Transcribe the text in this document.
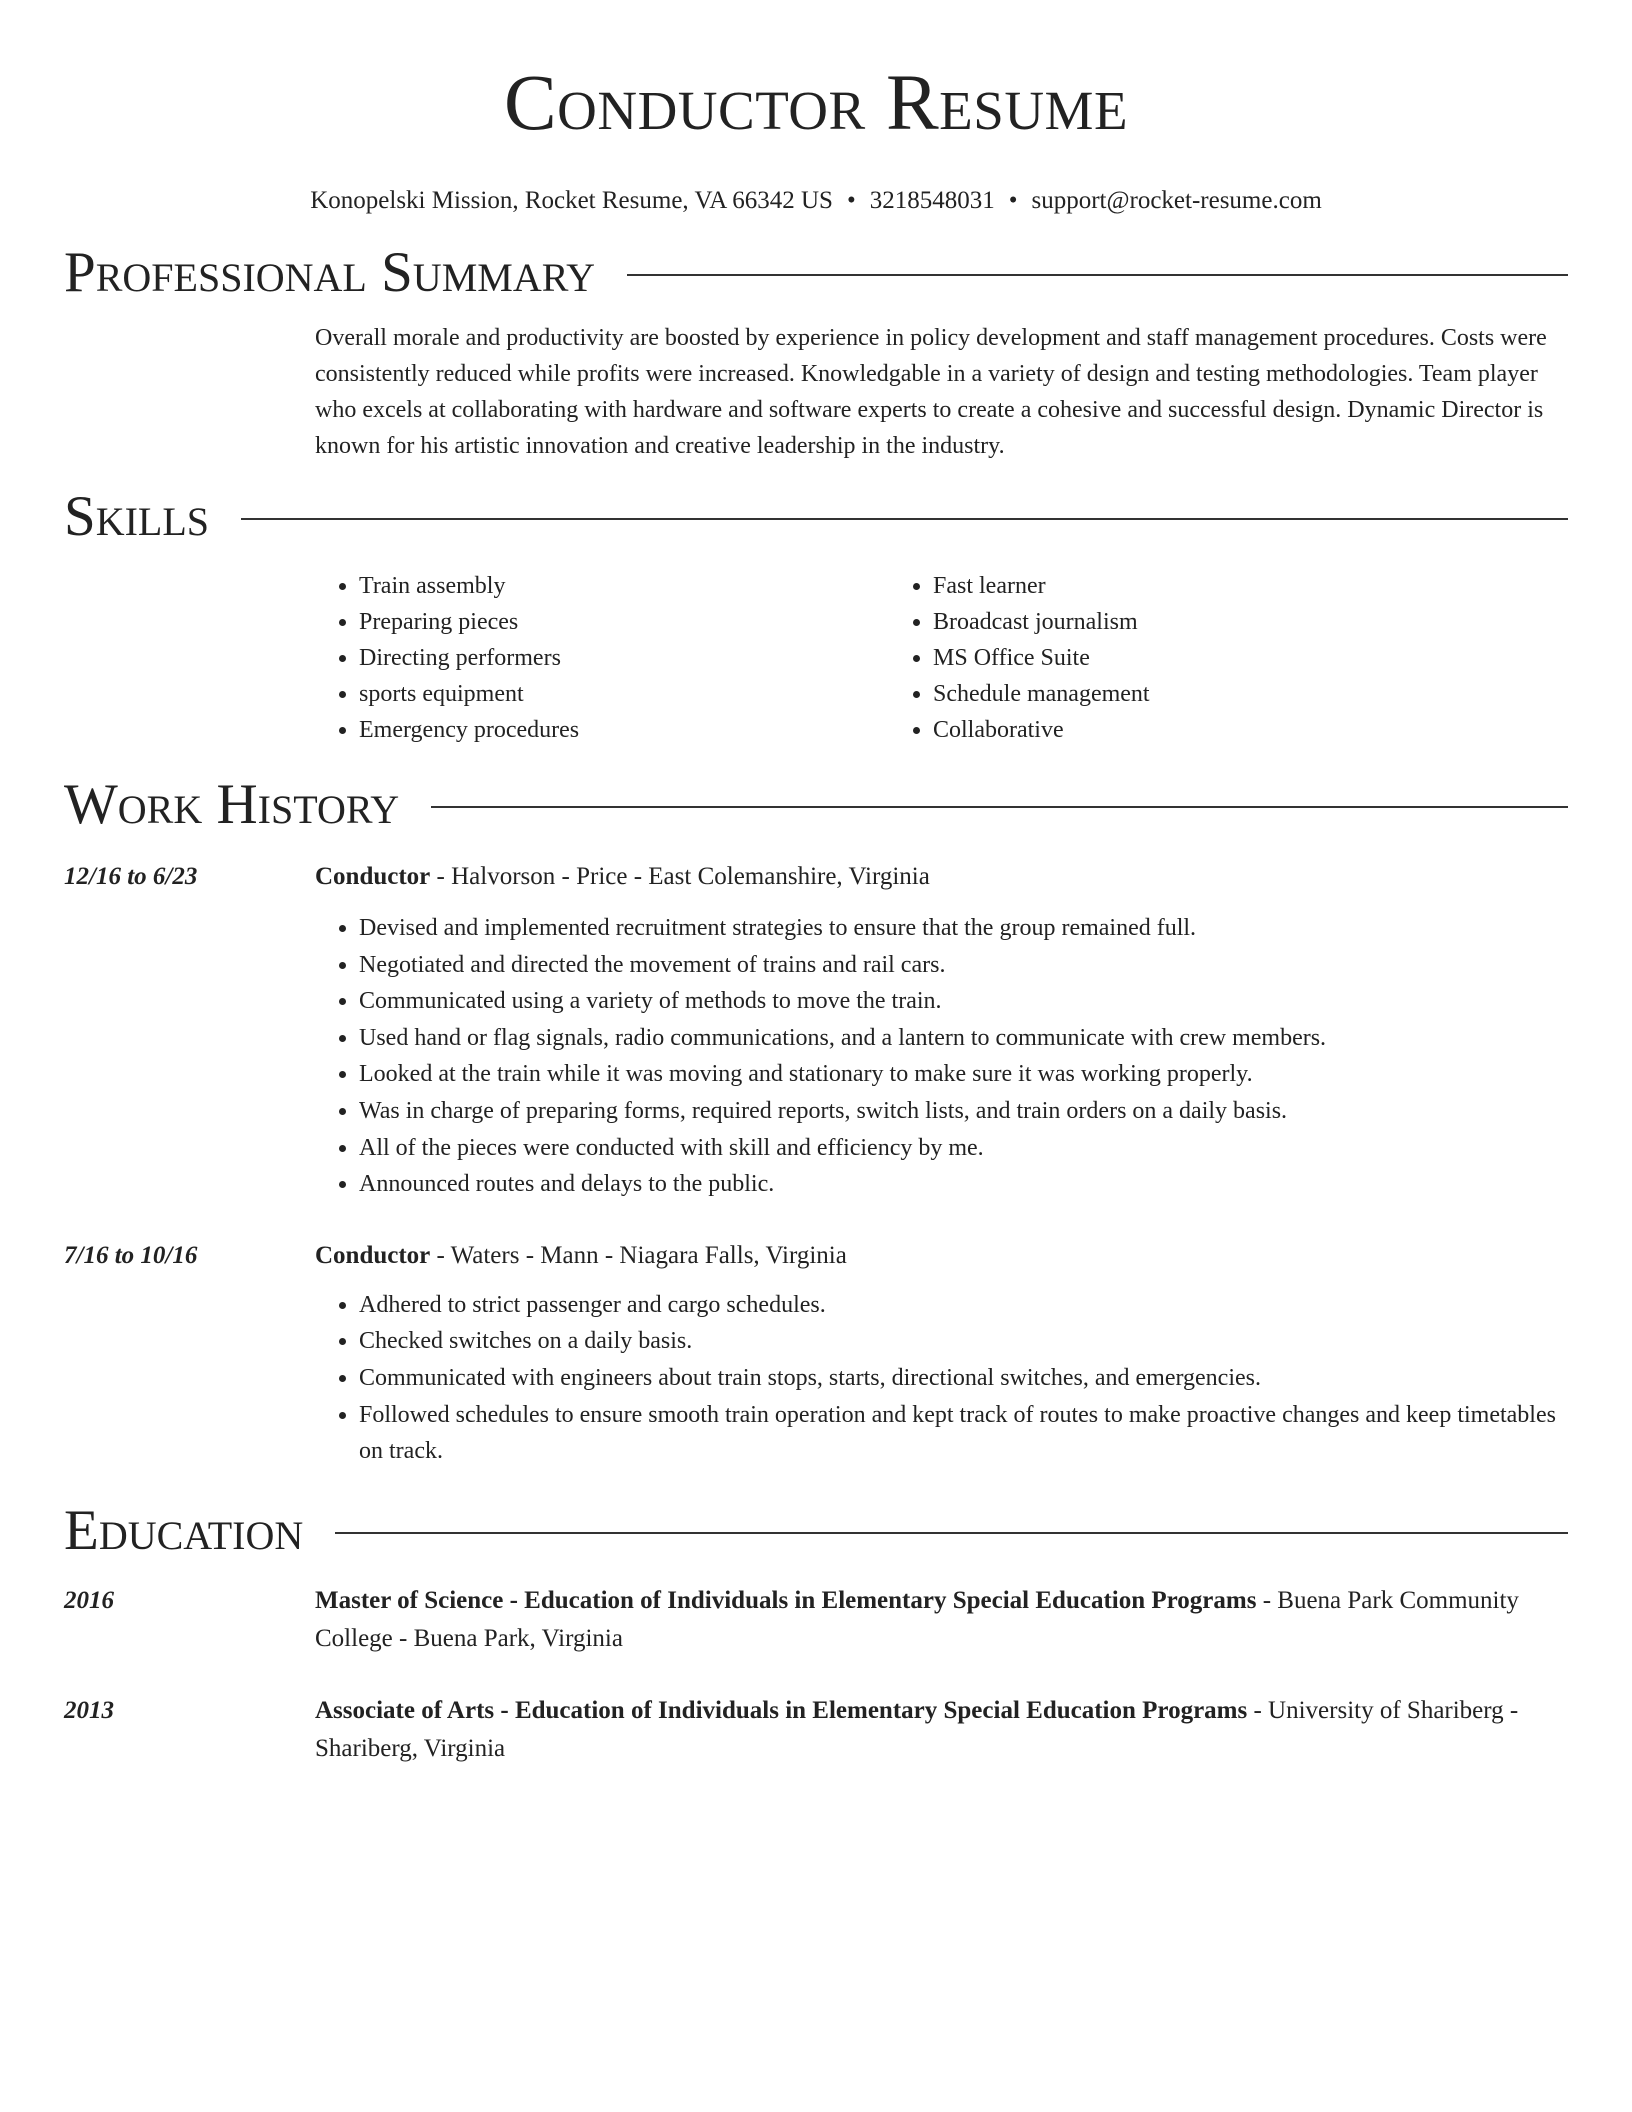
Conductor Resume
Konopelski Mission, Rocket Resume, VA 66342 US • 3218548031 • support@rocket-resume.com
Professional Summary

Overall morale and productivity are boosted by experience in policy development and staff management procedures. Costs were consistently reduced while profits were increased. Knowledgable in a variety of design and testing methodologies. Team player who excels at collaborating with hardware and software experts to create a cohesive and successful design. Dynamic Director is known for his artistic innovation and creative leadership in the industry.

Skills
• Train assembly
• Preparing pieces
• Directing performers
• sports equipment
• Emergency procedures
• Fast learner
• Broadcast journalism
• MS Office Suite
• Schedule management
• Collaborative
Work History
12/16 to 6/23	Conductor - Halvorson - Price - East Colemanshire, Virginia
• Devised and implemented recruitment strategies to ensure that the group remained full.
• Negotiated and directed the movement of trains and rail cars.
• Communicated using a variety of methods to move the train.
• Used hand or flag signals, radio communications, and a lantern to communicate with crew members.
• Looked at the train while it was moving and stationary to make sure it was working properly.
• Was in charge of preparing forms, required reports, switch lists, and train orders on a daily basis.
• All of the pieces were conducted with skill and efficiency by me.
• Announced routes and delays to the public.
7/16 to 10/16	Conductor - Waters - Mann - Niagara Falls, Virginia
• Adhered to strict passenger and cargo schedules.
• Checked switches on a daily basis.
• Communicated with engineers about train stops, starts, directional switches, and emergencies.
• Followed schedules to ensure smooth train operation and kept track of routes to make proactive changes and keep timetables on track.
Education
2016	Master of Science - Education of Individuals in Elementary Special Education Programs - Buena Park Community College - Buena Park, Virginia
2013	Associate of Arts - Education of Individuals in Elementary Special Education Programs - University of Shariberg - Shariberg, Virginia
